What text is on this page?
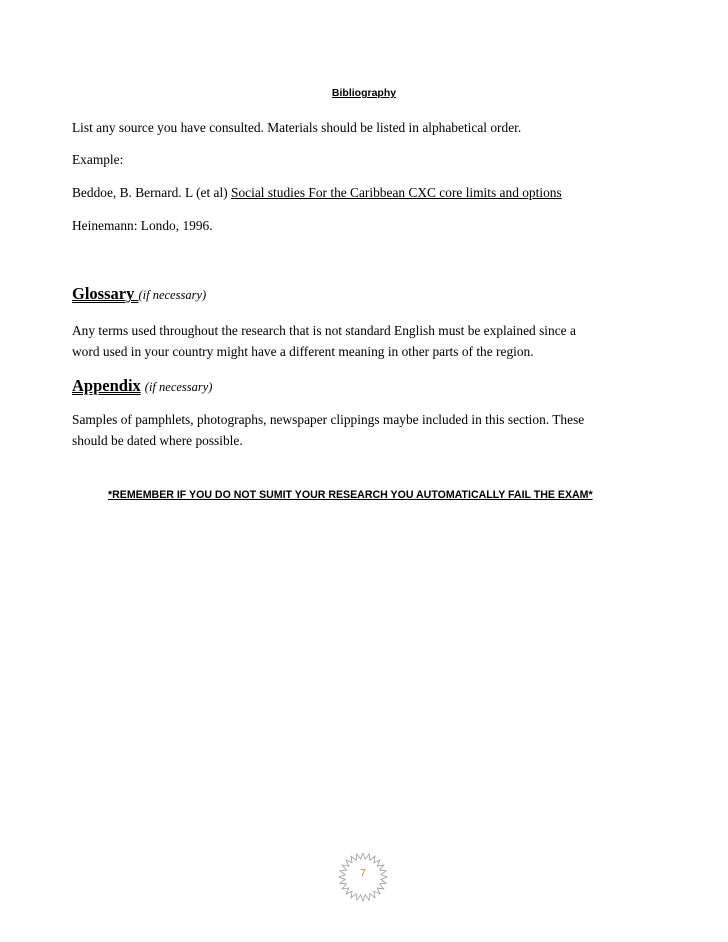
Bibliography

List any source you have consulted. Materials should be listed in alphabetical order.

Example:

Beddoe, B. Bernard. L (et al) Social studies For the Caribbean CXC core limits and options

Heinemann: Londo, 1996.

Glossary (if necessary)

Any terms used throughout the research that is not standard English must be explained since a

word used in your country might have a different meaning in other parts of the region.

Appendix (if necessary)

Samples of pamphlets, photographs, newspaper clippings maybe included in this section. These

should be dated where possible.

*REMEMBER IF YOU DO NOT SUMIT YOUR RESEARCH YOU AUTOMATICALLY FAIL THE EXAM*

7
